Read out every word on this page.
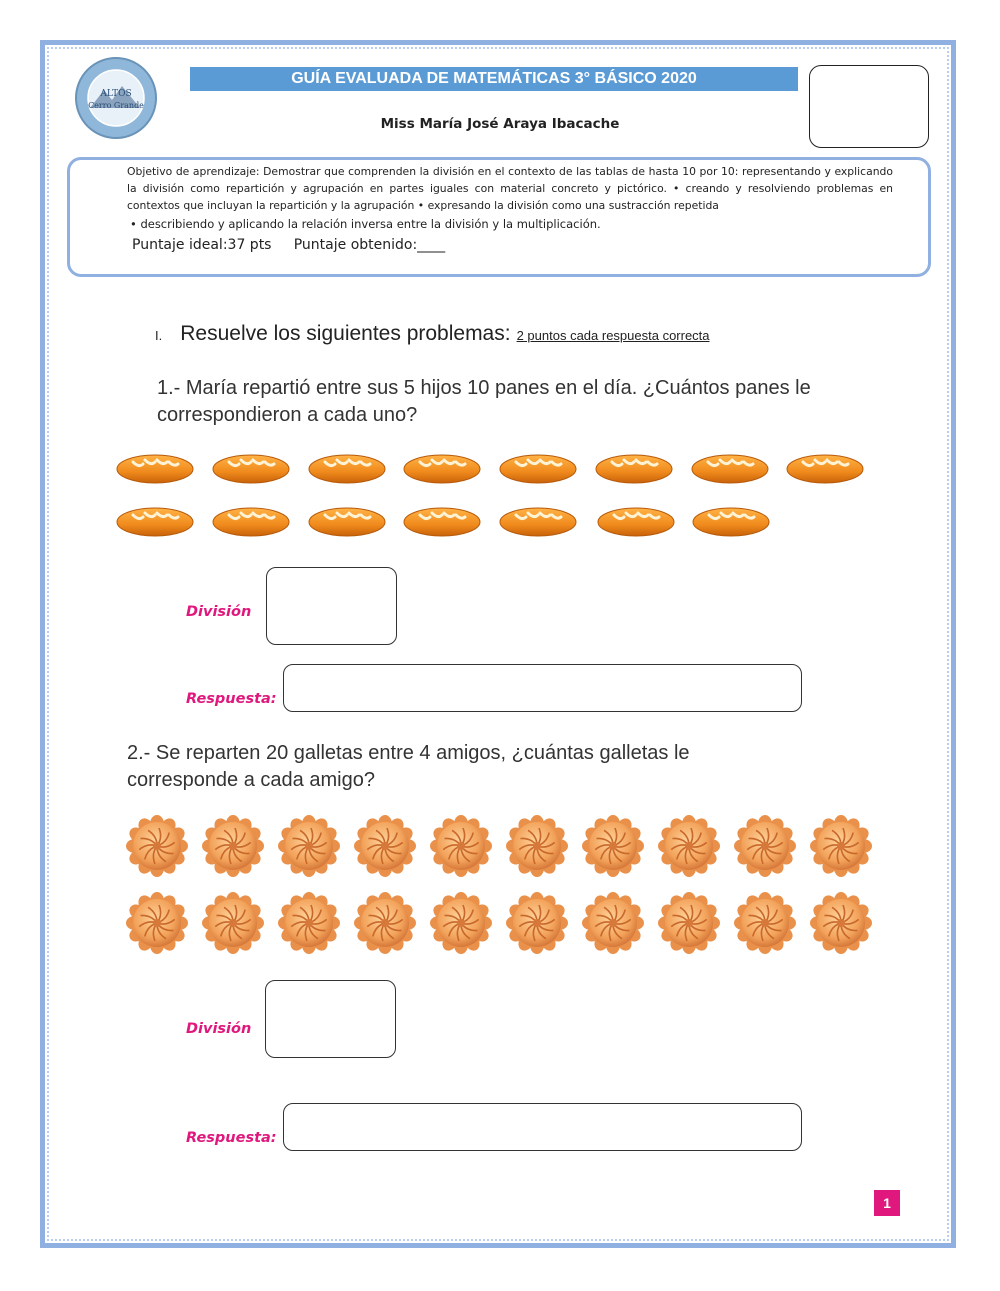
ALTOS
Cerro Grande
GUÍA EVALUADA DE MATEMÁTICAS 3° BÁSICO 2020
Miss María José Araya Ibacache
Objetivo de aprendizaje: Demostrar que comprenden la división en el contexto de las tablas de hasta 10 por 10: representando y explicando la división como repartición y agrupación en partes iguales con material concreto y pictórico. • creando y resolviendo problemas en contextos que incluyan la repartición y la agrupación • expresando la división como una sustracción repetida
• describiendo y aplicando la relación inversa entre la división y la multiplicación.
Puntaje ideal:37 pts     Puntaje obtenido:____
I. Resuelve los siguientes problemas: 2 puntos cada respuesta correcta
1.- María repartió entre sus 5 hijos 10 panes en el día. ¿Cuántos panes le correspondieron a cada uno?
División
Respuesta:
2.- Se reparten 20 galletas entre 4 amigos, ¿cuántas galletas le corresponde a cada amigo?
División
Respuesta:
1
